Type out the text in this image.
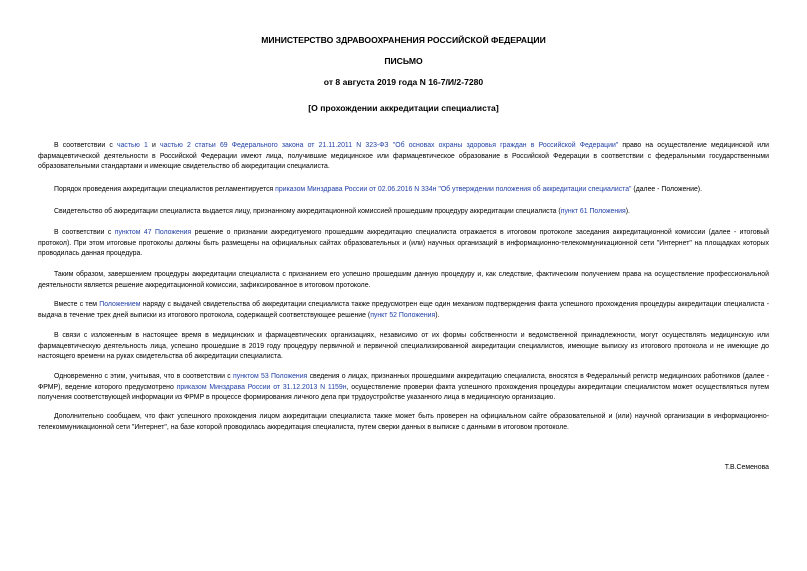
МИНИСТЕРСТВО ЗДРАВООХРАНЕНИЯ РОССИЙСКОЙ ФЕДЕРАЦИИ
ПИСЬМО
от 8 августа 2019 года N 16-7/И/2-7280
[О прохождении аккредитации специалиста]
В соответствии с частью 1 и частью 2 статьи 69 Федерального закона от 21.11.2011 N 323-ФЗ "Об основах охраны здоровья граждан в Российской Федерации" право на осуществление медицинской или фармацевтической деятельности в Российской Федерации имеют лица, получившие медицинское или фармацевтическое образование в Российской Федерации в соответствии с федеральными государственными образовательными стандартами и имеющие свидетельство об аккредитации специалиста.
Порядок проведения аккредитации специалистов регламентируется приказом Минздрава России от 02.06.2016 N 334н "Об утверждении положения об аккредитации специалиста" (далее - Положение).
Свидетельство об аккредитации специалиста выдается лицу, признанному аккредитационной комиссией прошедшим процедуру аккредитации специалиста (пункт 61 Положения).
В соответствии с пунктом 47 Положения решение о признании аккредитуемого прошедшим аккредитацию специалиста отражается в итоговом протоколе заседания аккредитационной комиссии (далее - итоговый протокол). При этом итоговые протоколы должны быть размещены на официальных сайтах образовательных и (или) научных организаций в информационно-телекоммуникационной сети "Интернет" на площадках которых проводилась данная процедура.
Таким образом, завершением процедуры аккредитации специалиста с признанием его успешно прошедшим данную процедуру и, как следствие, фактическим получением права на осуществление профессиональной деятельности является решение аккредитационной комиссии, зафиксированное в итоговом протоколе.
Вместе с тем Положением наряду с выдачей свидетельства об аккредитации специалиста также предусмотрен еще один механизм подтверждения факта успешного прохождения процедуры аккредитации специалиста - выдача в течение трех дней выписки из итогового протокола, содержащей соответствующее решение (пункт 52 Положения).
В связи с изложенным в настоящее время в медицинских и фармацевтических организациях, независимо от их формы собственности и ведомственной принадлежности, могут осуществлять медицинскую или фармацевтическую деятельность лица, успешно прошедшие в 2019 году процедуру первичной и первичной специализированной аккредитации специалистов, имеющие выписку из итогового протокола и не имеющие до настоящего времени на руках свидетельства об аккредитации специалиста.
Одновременно с этим, учитывая, что в соответствии с пунктом 53 Положения сведения о лицах, признанных прошедшими аккредитацию специалиста, вносятся в Федеральный регистр медицинских работников (далее - ФРМР), ведение которого предусмотрено приказом Минздрава России от 31.12.2013 N 1159н, осуществление проверки факта успешного прохождения процедуры аккредитации специалистом может осуществляться путем получения соответствующей информации из ФРМР в процессе формирования личного дела при трудоустройстве указанного лица в медицинскую организацию.
Дополнительно сообщаем, что факт успешного прохождения лицом аккредитации специалиста также может быть проверен на официальном сайте образовательной и (или) научной организации в информационно-телекоммуникационной сети "Интернет", на базе которой проводилась аккредитация специалиста, путем сверки данных в выписке с данными в итоговом протоколе.
Т.В.Семенова
